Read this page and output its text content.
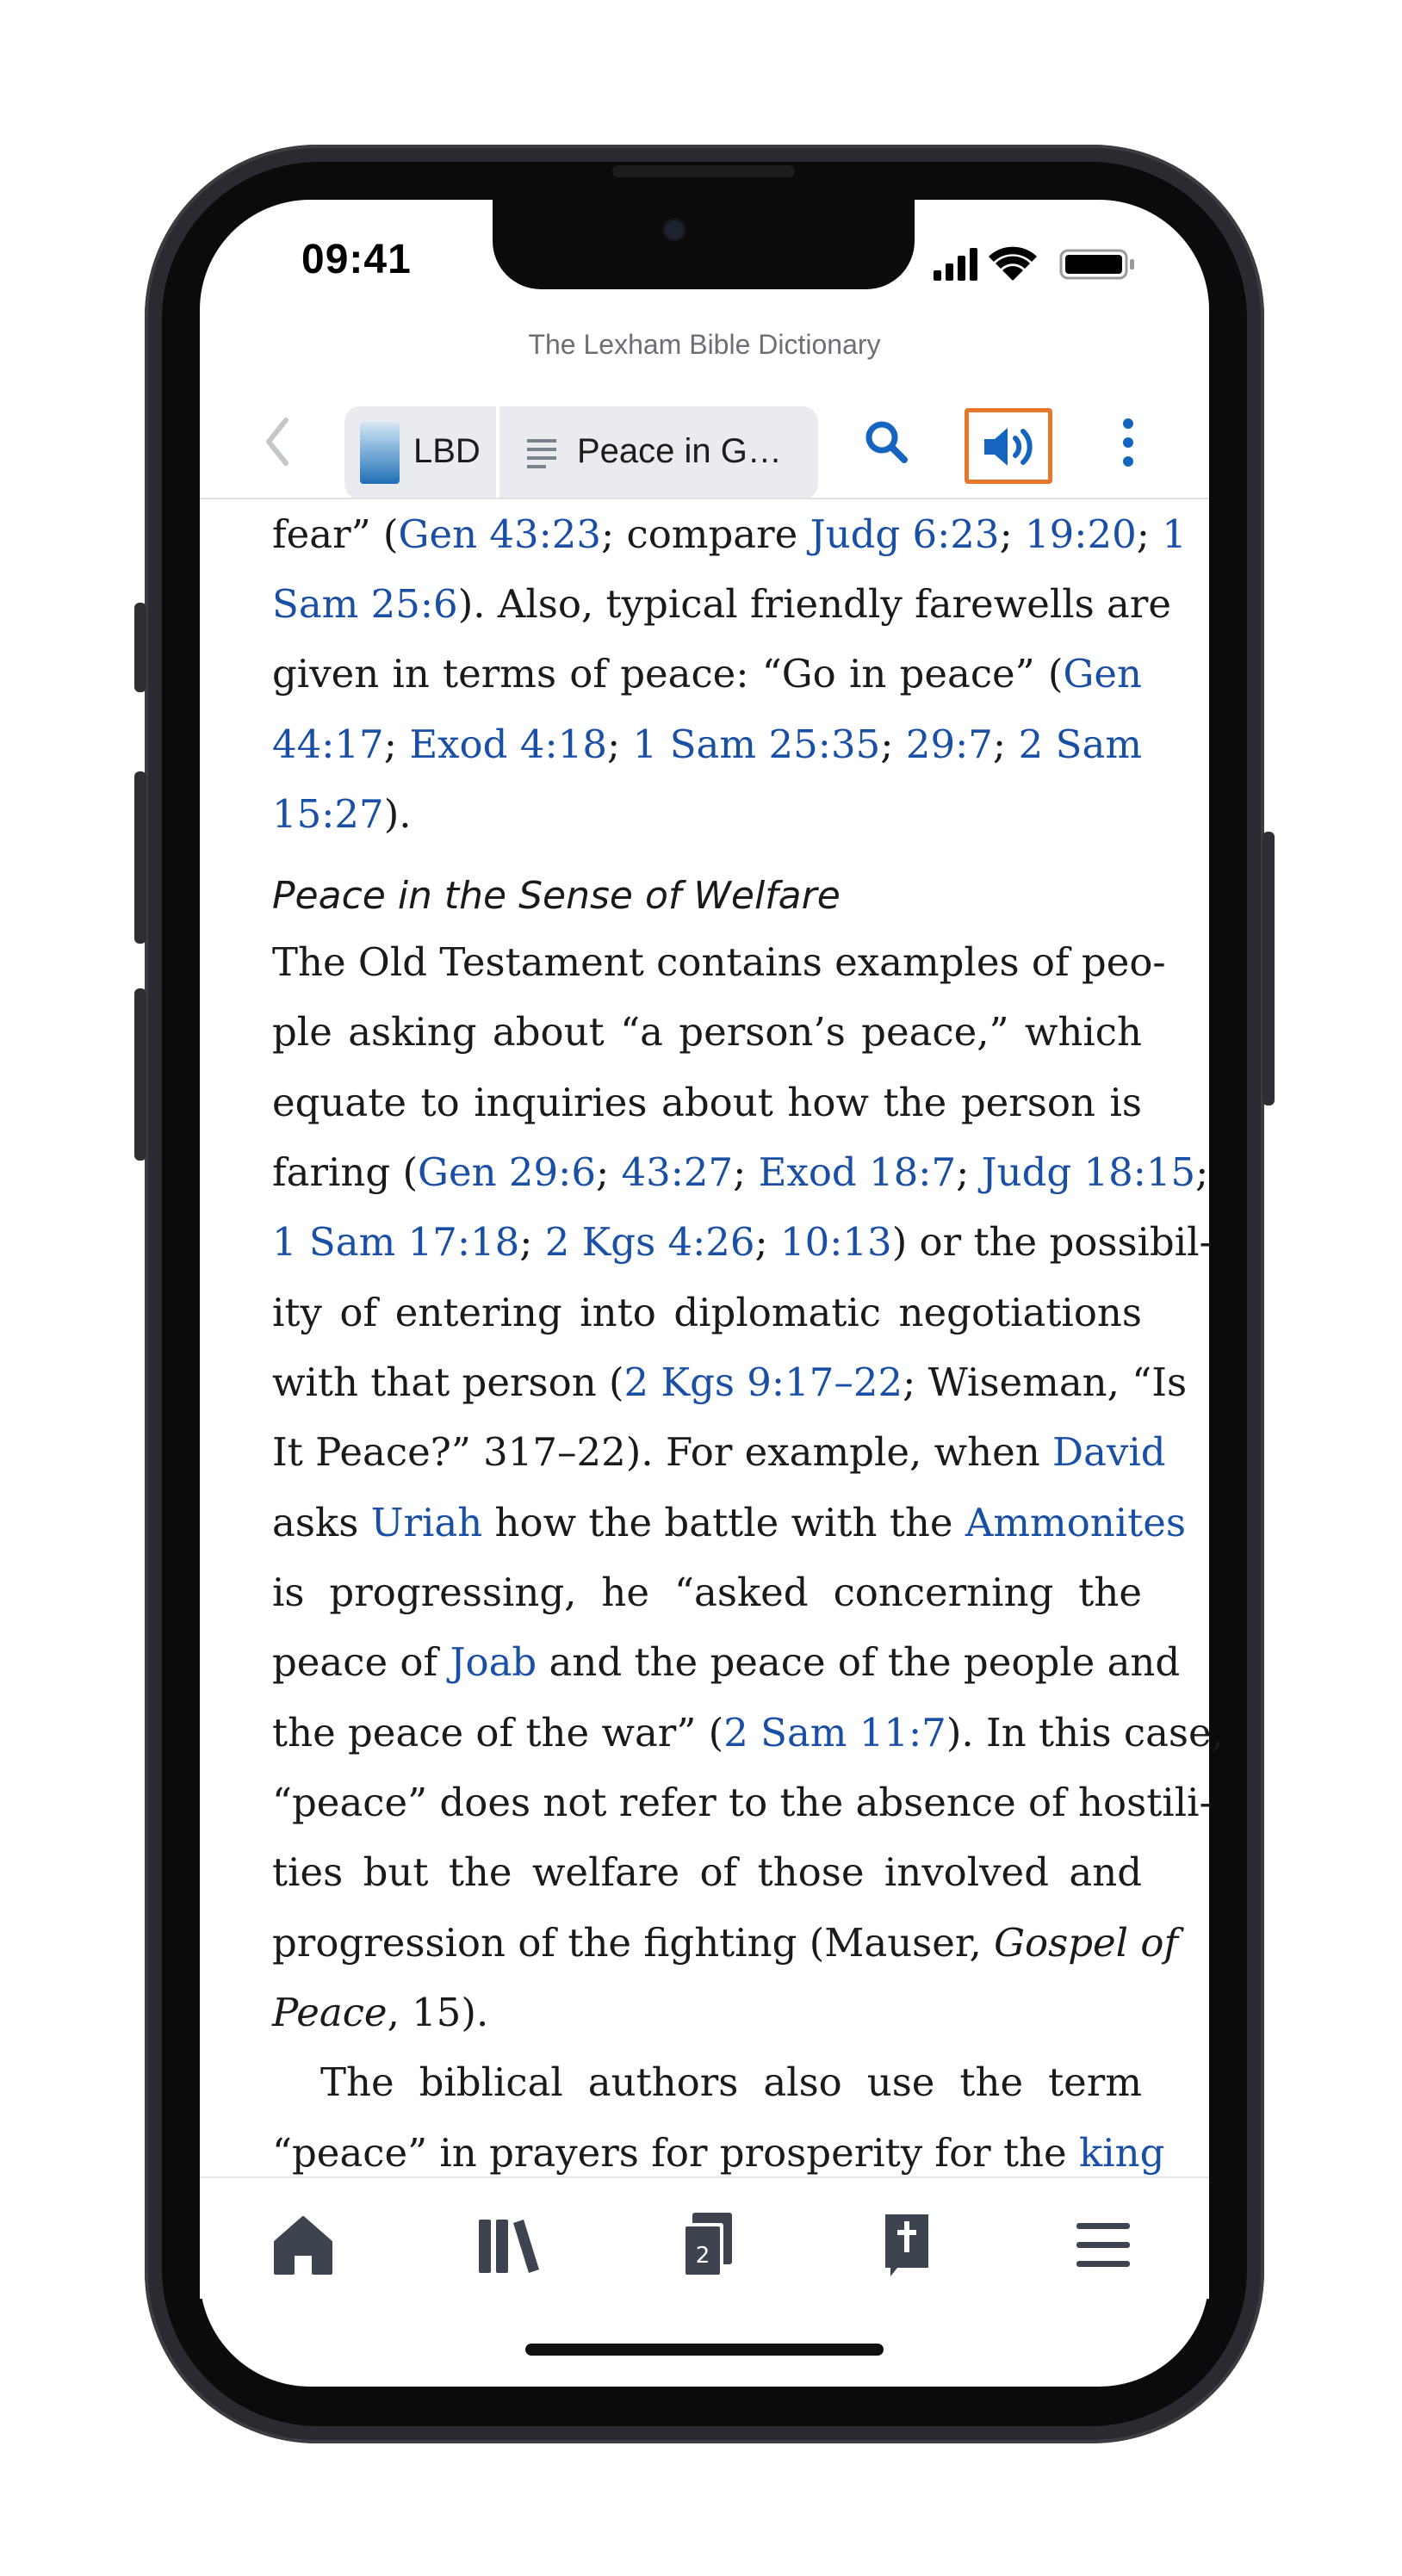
09:41
The Lexham Bible Dictionary
LBD	Peace in G…
fear” (Gen 43:23; compare Judg 6:23; 19:20; 1
Sam 25:6). Also, typical friendly farewells are
given in terms of peace: “Go in peace” (Gen
44:17; Exod 4:18; 1 Sam 25:35; 29:7; 2 Sam
15:27).
Peace in the Sense of Welfare
The Old Testament contains examples of peo-
ple asking about “a person’s peace,” which
equate to inquiries about how the person is
faring (Gen 29:6; 43:27; Exod 18:7; Judg 18:15;
1 Sam 17:18; 2 Kgs 4:26; 10:13) or the possibil-
ity of entering into diplomatic negotiations
with that person (2 Kgs 9:17–22; Wiseman, “Is
It Peace?” 317–22). For example, when David
asks Uriah how the battle with the Ammonites
is progressing, he “asked concerning the
peace of Joab and the peace of the people and
the peace of the war” (2 Sam 11:7). In this case,
“peace” does not refer to the absence of hostili-
ties but the welfare of those involved and
progression of the fighting (Mauser, Gospel of
Peace, 15).
The biblical authors also use the term
“peace” in prayers for prosperity for the king
2
